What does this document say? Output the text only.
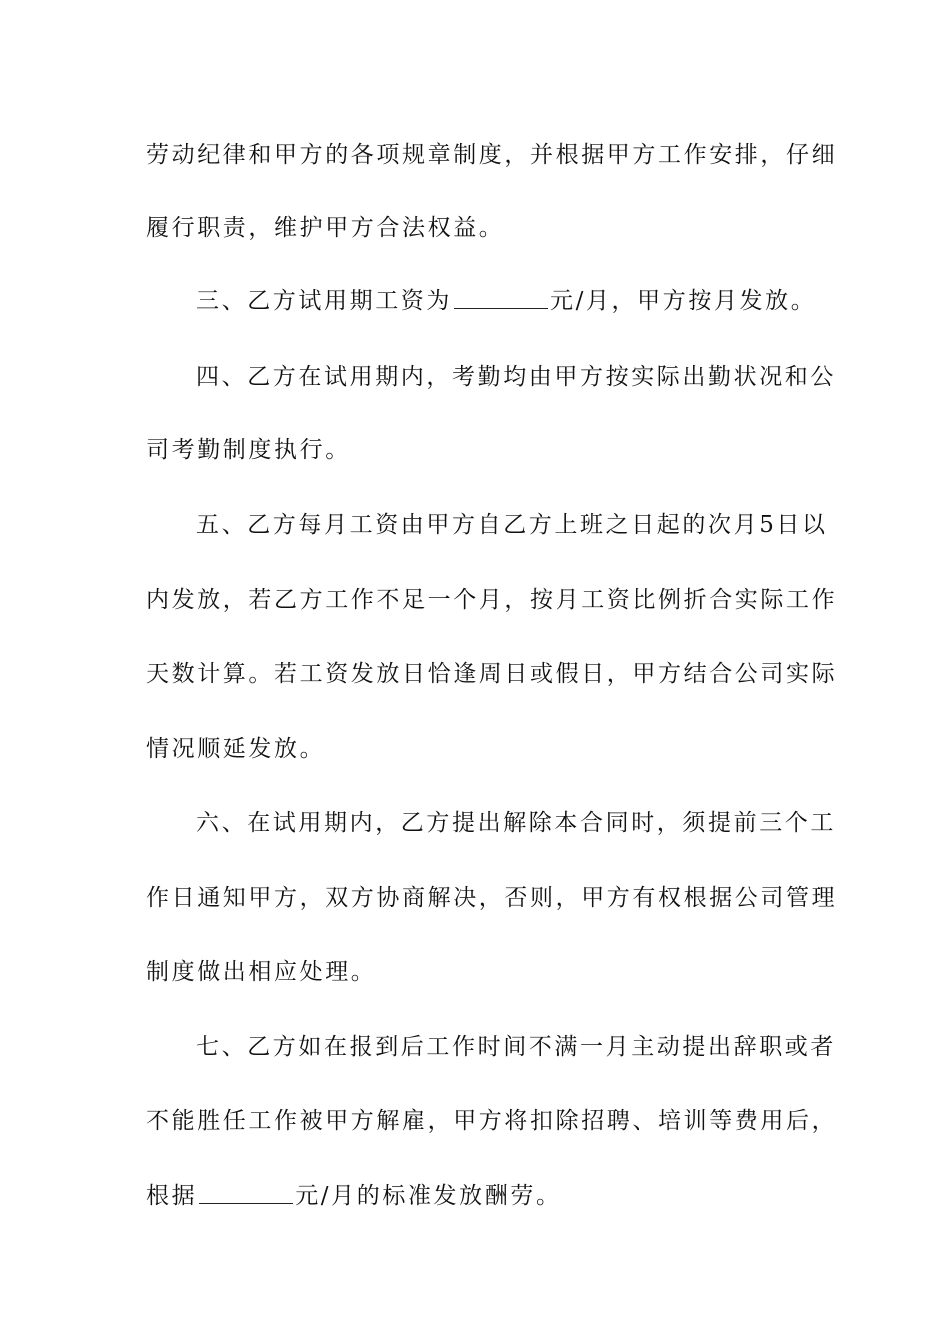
劳动纪律和甲方的各项规章制度，并根据甲方工作安排，仔细
履行职责，维护甲方合法权益。
三、乙方试用期工资为	元/月，甲方按月发放。
四、乙方在试用期内，考勤均由甲方按实际出勤状况和公
司考勤制度执行。
五、乙方每月工资由甲方自乙方上班之日起的次月5日以
内发放，若乙方工作不足一个月，按月工资比例折合实际工作
天数计算。若工资发放日恰逢周日或假日，甲方结合公司实际
情况顺延发放。
六、在试用期内，乙方提出解除本合同时，须提前三个工
作日通知甲方，双方协商解决，否则，甲方有权根据公司管理
制度做出相应处理。
七、乙方如在报到后工作时间不满一月主动提出辞职或者
不能胜任工作被甲方解雇，甲方将扣除招聘、培训等费用后，
根据	元/月的标准发放酬劳。
